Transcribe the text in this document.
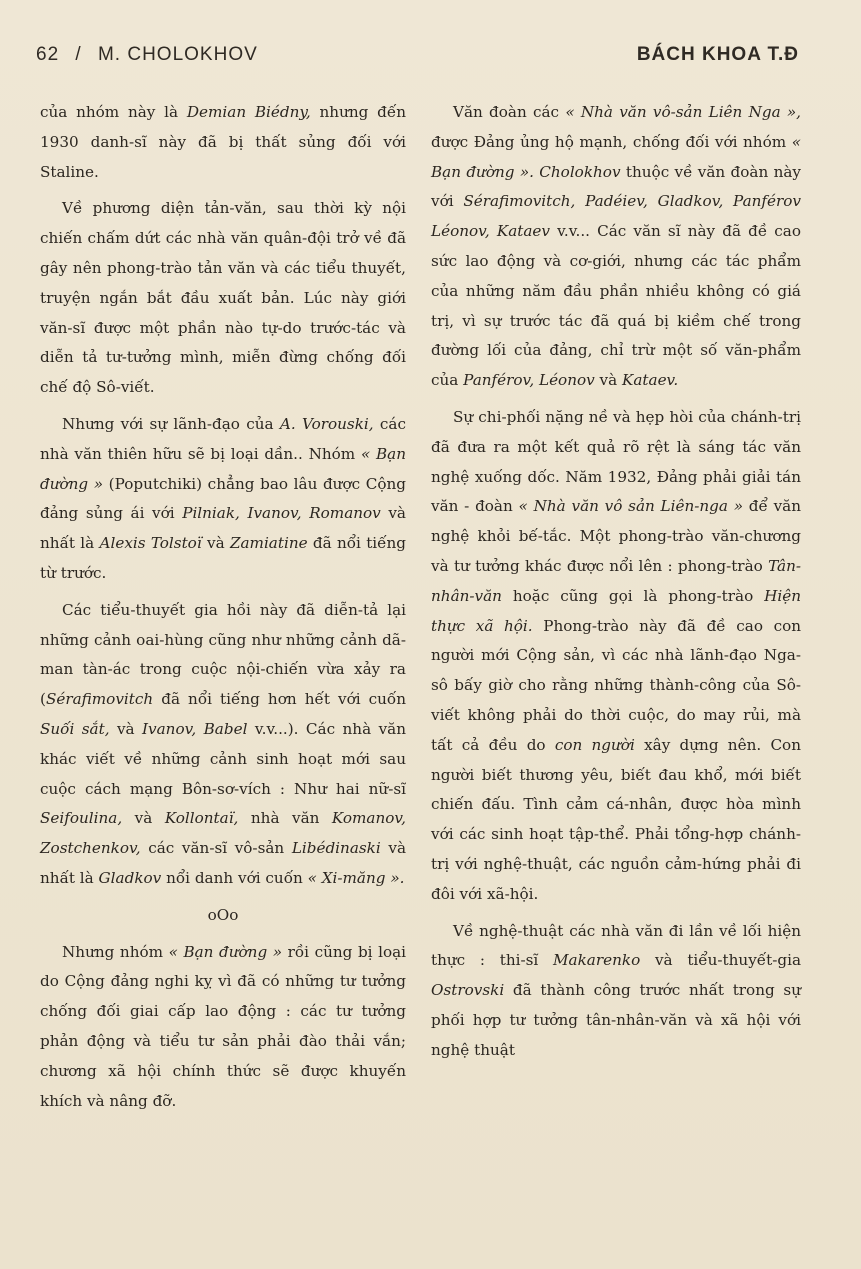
62 / M. CHOLOKHOV	BÁCH KHOA T.Đ

của nhóm này là Demian Biédny, nhưng đến 1930 danh-sĩ này đã bị thất sủng đối với Staline.

Về phương diện tản-văn, sau thời kỳ nội chiến chấm dứt các nhà văn quân-đội trở về đã gây nên phong-trào tản văn và các tiểu thuyết, truyện ngắn bắt đầu xuất bản. Lúc này giới văn-sĩ được một phần nào tự-do trước-tác và diễn tả tư-tưởng mình, miễn đừng chống đối chế độ Sô-viết.

Nhưng với sự lãnh-đạo của A. Vorouski, các nhà văn thiên hữu sẽ bị loại dần.. Nhóm « Bạn đường » (Poputchiki) chẳng bao lâu được Cộng đảng sủng ái với Pilniak, Ivanov, Romanov và nhất là Alexis Tolstoï và Zamiatine đã nổi tiếng từ trước.

Các tiểu-thuyết gia hồi này đã diễn-tả lại những cảnh oai-hùng cũng như những cảnh dã-man tàn-ác trong cuộc nội-chiến vừa xảy ra (Sérafimovitch đã nổi tiếng hơn hết với cuốn Suối sắt, và Ivanov, Babel v.v...). Các nhà văn khác viết về những cảnh sinh hoạt mới sau cuộc cách mạng Bôn-sơ-vích : Như hai nữ-sĩ Seifoulina, và Kollontaï, nhà văn Komanov, Zostchenkov, các văn-sĩ vô-sản Libédinaski và nhất là Gladkov nổi danh với cuốn « Xi-măng ».

oOo

Nhưng nhóm « Bạn đường » rồi cũng bị loại do Cộng đảng nghi kỵ vì đã có những tư tưởng chống đối giai cấp lao động : các tư tưởng phản động và tiểu tư sản phải đào thải vắn; chương xã hội chính thức sẽ được khuyến khích và nâng đỡ.

Văn đoàn các « Nhà văn vô-sản Liên Nga », được Đảng ủng hộ mạnh, chống đối với nhóm « Bạn đường ». Cholokhov thuộc về văn đoàn này với Sérafimovitch, Padéiev, Gladkov, Panférov Léonov, Kataev v.v... Các văn sĩ này đã đề cao sức lao động và cơ-giới, nhưng các tác phẩm của những năm đầu phần nhiều không có giá trị, vì sự trước tác đã quá bị kiềm chế trong đường lối của đảng, chỉ trừ một số văn-phẩm của Panférov, Léonov và Kataev.

Sự chi-phối nặng nề và hẹp hòi của chánh-trị đã đưa ra một kết quả rõ rệt là sáng tác văn nghệ xuống dốc. Năm 1932, Đảng phải giải tán văn - đoàn « Nhà văn vô sản Liên-nga » để văn nghệ khỏi bế-tắc. Một phong-trào văn-chương và tư tưởng khác được nổi lên : phong-trào Tân-nhân-văn hoặc cũng gọi là phong-trào Hiện thực xã hội. Phong-trào này đã đề cao con người mới Cộng sản, vì các nhà lãnh-đạo Nga-sô bấy giờ cho rằng những thành-công của Sô-viết không phải do thời cuộc, do may rủi, mà tất cả đều do con người xây dựng nên. Con người biết thương yêu, biết đau khổ, mới biết chiến đấu. Tình cảm cá-nhân, được hòa mình với các sinh hoạt tập-thể. Phải tổng-hợp chánh-trị với nghệ-thuật, các nguồn cảm-hứng phải đi đôi với xã-hội.

Về nghệ-thuật các nhà văn đi lần về lối hiện thực : thi-sĩ Makarenko và tiểu-thuyết-gia Ostrovski đã thành công trước nhất trong sự phối hợp tư tưởng tân-nhân-văn và xã hội với nghệ thuật
